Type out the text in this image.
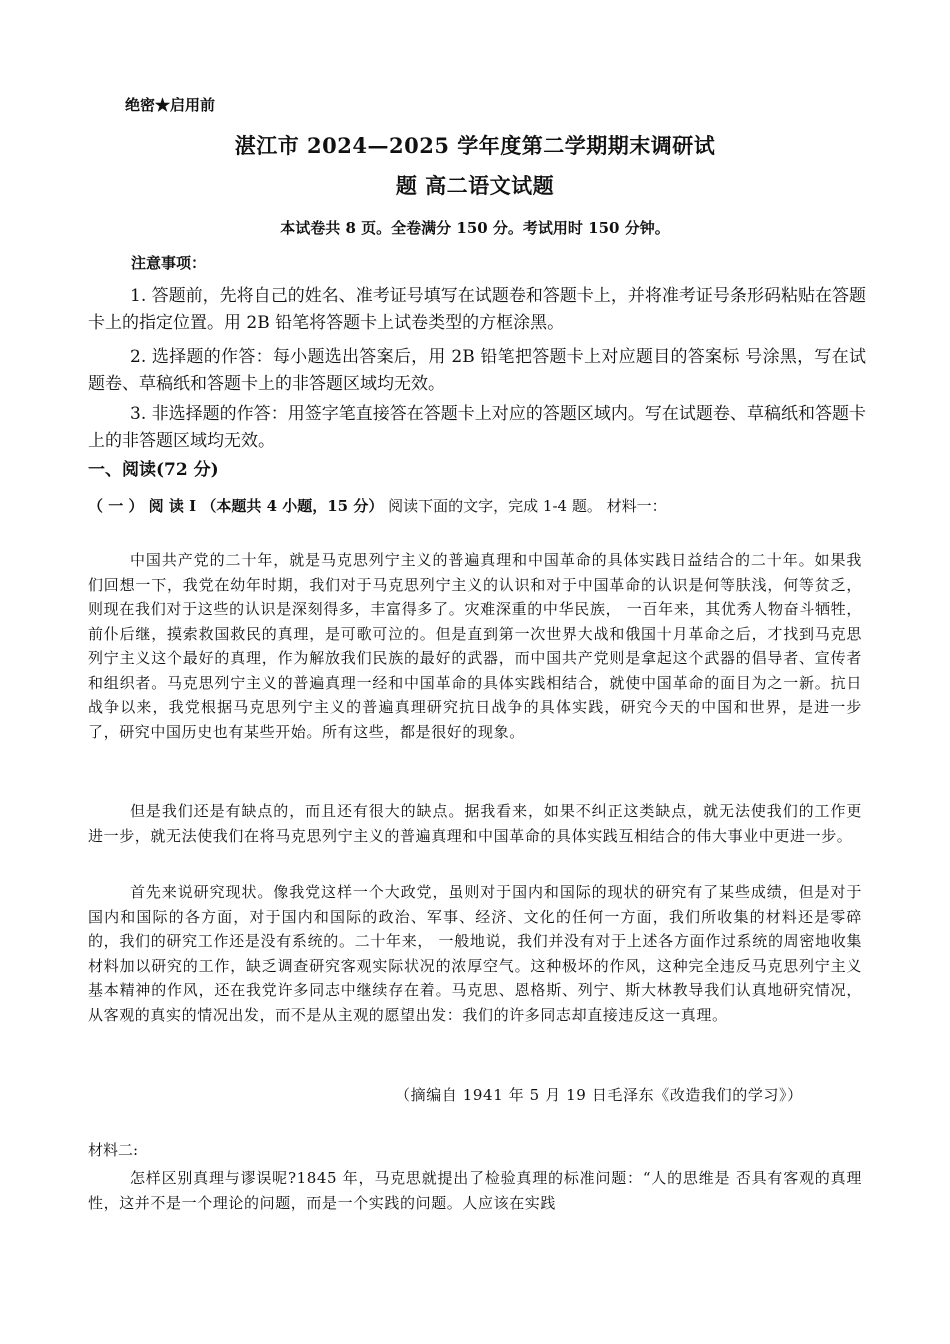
绝密★启用前
湛江市 2024—2025 学年度第二学期期末调研试
题 高二语文试题
本试卷共 8 页。全卷满分 150 分。考试用时 150 分钟。
注意事项：
1. 答题前，先将自己的姓名、准考证号填写在试题卷和答题卡上，并将准考证号条形码粘贴在答题卡上的指定位置。用 2B 铅笔将答题卡上试卷类型的方框涂黑。
2. 选择题的作答：每小题选出答案后，用 2B 铅笔把答题卡上对应题目的答案标 号涂黑，写在试题卷、草稿纸和答题卡上的非答题区域均无效。
3. 非选择题的作答：用签字笔直接答在答题卡上对应的答题区域内。写在试题卷、草稿纸和答题卡上的非答题区域均无效。
一、阅读(72 分)
（ 一 ） 阅 读 I （本题共 4 小题，15 分） 阅读下面的文字，完成 1-4 题。 材料一：
中国共产党的二十年，就是马克思列宁主义的普遍真理和中国革命的具体实践日益结合的二十年。如果我们回想一下，我党在幼年时期，我们对于马克思列宁主义的认识和对于中国革命的认识是何等肤浅，何等贫乏，则现在我们对于这些的认识是深刻得多，丰富得多了。灾难深重的中华民族， 一百年来，其优秀人物奋斗牺牲，前仆后继，摸索救国救民的真理，是可歌可泣的。但是直到第一次世界大战和俄国十月革命之后，才找到马克思列宁主义这个最好的真理，作为解放我们民族的最好的武器，而中国共产党则是拿起这个武器的倡导者、宣传者和组织者。马克思列宁主义的普遍真理一经和中国革命的具体实践相结合，就使中国革命的面目为之一新。抗日战争以来，我党根据马克思列宁主义的普遍真理研究抗日战争的具体实践，研究今天的中国和世界，是进一步了，研究中国历史也有某些开始。所有这些，都是很好的现象。
但是我们还是有缺点的，而且还有很大的缺点。据我看来，如果不纠正这类缺点，就无法使我们的工作更进一步，就无法使我们在将马克思列宁主义的普遍真理和中国革命的具体实践互相结合的伟大事业中更进一步。
首先来说研究现状。像我党这样一个大政党，虽则对于国内和国际的现状的研究有了某些成绩，但是对于国内和国际的各方面，对于国内和国际的政治、军事、经济、文化的任何一方面，我们所收集的材料还是零碎的，我们的研究工作还是没有系统的。二十年来， 一般地说，我们并没有对于上述各方面作过系统的周密地收集材料加以研究的工作，缺乏调查研究客观实际状况的浓厚空气。这种极坏的作风，这种完全违反马克思列宁主义基本精神的作风，还在我党许多同志中继续存在着。马克思、恩格斯、列宁、斯大林教导我们认真地研究情况，从客观的真实的情况出发，而不是从主观的愿望出发：我们的许多同志却直接违反这一真理。
（摘编自 1941 年 5 月 19 日毛泽东《改造我们的学习》）
材料二:
怎样区别真理与谬误呢?1845 年，马克思就提出了检验真理的标准问题：“人的思维是 否具有客观的真理性，这并不是一个理论的问题，而是一个实践的问题。人应该在实践
